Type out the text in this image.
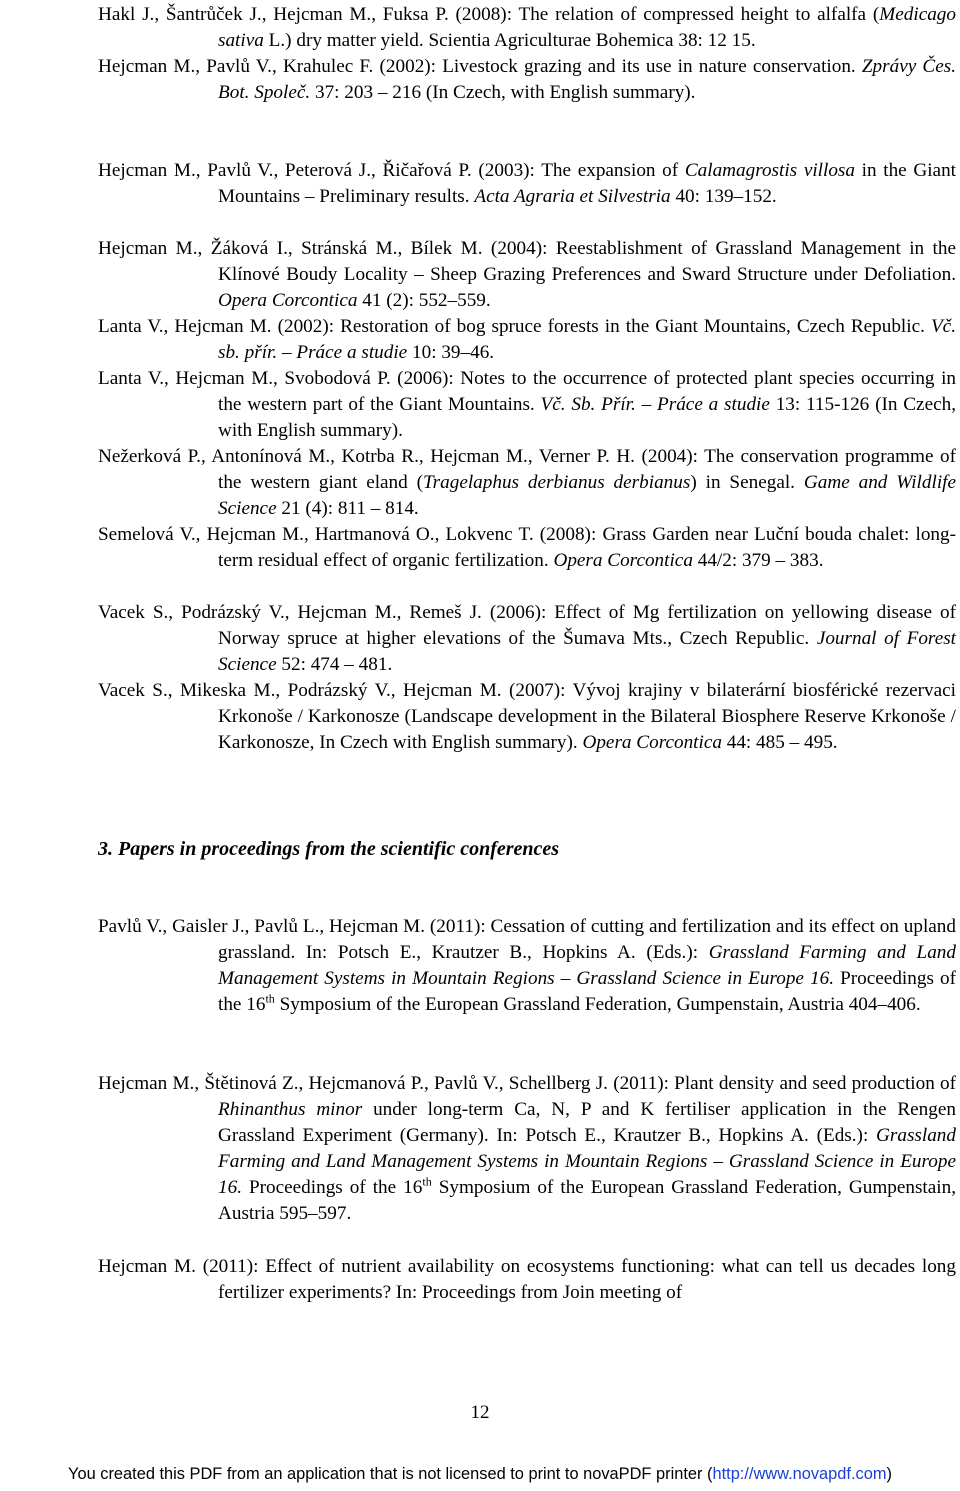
Hakl J., Šantrůček J., Hejcman M., Fuksa P. (2008): The relation of compressed height to alfalfa (Medicago sativa L.) dry matter yield. Scientia Agriculturae Bohemica 38: 12 15.
Hejcman M., Pavlů V., Krahulec F. (2002): Livestock grazing and its use in nature conservation. Zprávy Čes. Bot. Společ. 37: 203 – 216 (In Czech, with English summary).
Hejcman M., Pavlů V., Peterová J., Řičařová P. (2003): The expansion of Calamagrostis villosa in the Giant Mountains – Preliminary results. Acta Agraria et Silvestria 40: 139–152.
Hejcman M., Žáková I., Stránská M., Bílek M. (2004): Reestablishment of Grassland Management in the Klínové Boudy Locality – Sheep Grazing Preferences and Sward Structure under Defoliation. Opera Corcontica 41 (2): 552–559.
Lanta V., Hejcman M. (2002): Restoration of bog spruce forests in the Giant Mountains, Czech Republic. Vč. sb. přír. – Práce a studie 10: 39–46.
Lanta V., Hejcman M., Svobodová P. (2006): Notes to the occurrence of protected plant species occurring in the western part of the Giant Mountains. Vč. Sb. Přír. – Práce a studie 13: 115-126 (In Czech, with English summary).
Nežerková P., Antonínová M., Kotrba R., Hejcman M., Verner P. H. (2004): The conservation programme of the western giant eland (Tragelaphus derbianus derbianus) in Senegal. Game and Wildlife Science 21 (4): 811 – 814.
Semelová V., Hejcman M., Hartmanová O., Lokvenc T. (2008): Grass Garden near Luční bouda chalet: long-term residual effect of organic fertilization. Opera Corcontica 44/2: 379 – 383.
Vacek S., Podrázský V., Hejcman M., Remeš J. (2006): Effect of Mg fertilization on yellowing disease of Norway spruce at higher elevations of the Šumava Mts., Czech Republic. Journal of Forest Science 52: 474 – 481.
Vacek S., Mikeska M., Podrázský V., Hejcman M. (2007): Vývoj krajiny v bilaterární biosférické rezervaci Krkonoše / Karkonosze (Landscape development in the Bilateral Biosphere Reserve Krkonoše / Karkonosze, In Czech with English summary). Opera Corcontica 44: 485 – 495.
3. Papers in proceedings from the scientific conferences
Pavlů V., Gaisler J., Pavlů L., Hejcman M. (2011): Cessation of cutting and fertilization and its effect on upland grassland. In: Potsch E., Krautzer B., Hopkins A. (Eds.): Grassland Farming and Land Management Systems in Mountain Regions – Grassland Science in Europe 16. Proceedings of the 16th Symposium of the European Grassland Federation, Gumpenstain, Austria 404–406.
Hejcman M., Štětinová Z., Hejcmanová P., Pavlů V., Schellberg J. (2011): Plant density and seed production of Rhinanthus minor under long-term Ca, N, P and K fertiliser application in the Rengen Grassland Experiment (Germany). In: Potsch E., Krautzer B., Hopkins A. (Eds.): Grassland Farming and Land Management Systems in Mountain Regions – Grassland Science in Europe 16. Proceedings of the 16th Symposium of the European Grassland Federation, Gumpenstain, Austria 595–597.
Hejcman M. (2011): Effect of nutrient availability on ecosystems functioning: what can tell us decades long fertilizer experiments? In: Proceedings from Join meeting of
12
You created this PDF from an application that is not licensed to print to novaPDF printer (http://www.novapdf.com)
